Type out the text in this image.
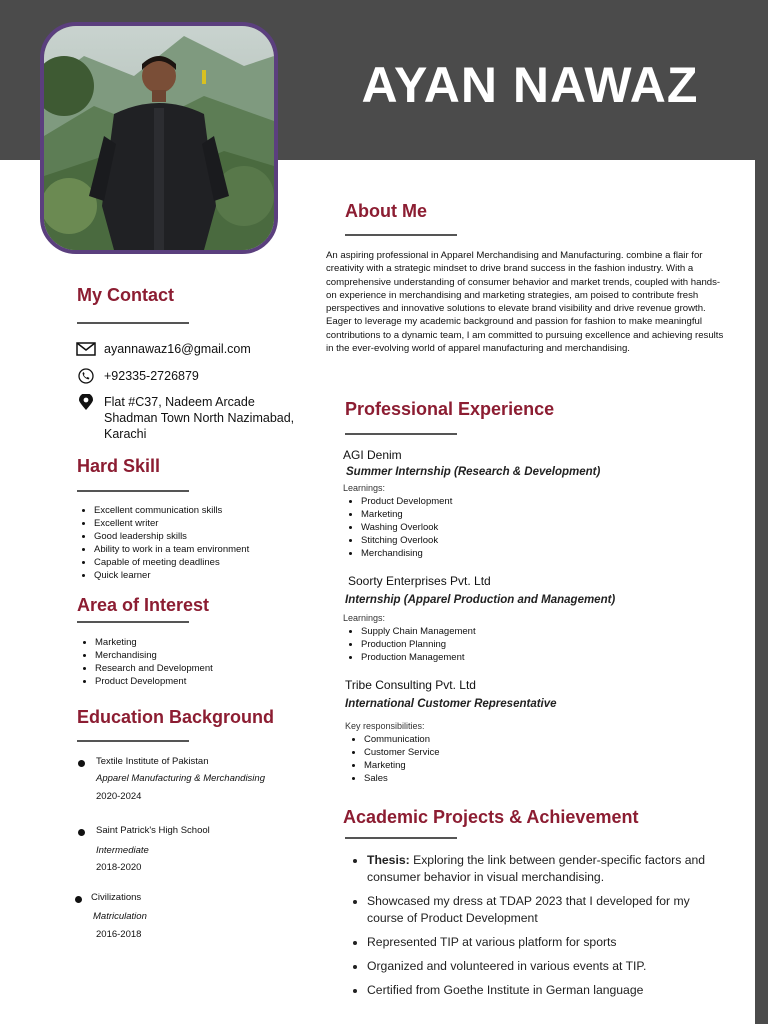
AYAN NAWAZ
My Contact
ayannawaz16@gmail.com
+92335-2726879
Flat #C37, Nadeem Arcade
Shadman Town North Nazimabad,
Karachi
Hard Skill
• Excellent communication skills
• Excellent writer
• Good leadership skills
• Ability to work in a team environment
• Capable of meeting deadlines
• Quick learner
Area of Interest
• Marketing
• Merchandising
• Research and Development
• Product Development
Education Background
Textile Institute of Pakistan
Apparel Manufacturing & Merchandising
2020-2024
Saint Patrick's High School
Intermediate
2018-2020
Civilizations
Matriculation
2016-2018
About Me
An aspiring professional in Apparel Merchandising and Manufacturing. combine a flair for creativity with a strategic mindset to drive brand success in the fashion industry. With a comprehensive understanding of consumer behavior and market trends, coupled with hands-on experience in merchandising and marketing strategies, am poised to contribute fresh perspectives and innovative solutions to elevate brand visibility and drive revenue growth. Eager to leverage my academic background and passion for fashion to make meaningful contributions to a dynamic team, I am committed to pursuing excellence and achieving results in the ever-evolving world of apparel manufacturing and merchandising.
Professional Experience
AGI Denim
Summer Internship (Research & Development)
Learnings:
• Product Development
• Marketing
• Washing Overlook
• Stitching Overlook
• Merchandising
Soorty Enterprises Pvt. Ltd
Internship (Apparel Production and Management)
Learnings:
• Supply Chain Management
• Production Planning
• Production Management
Tribe Consulting Pvt. Ltd
International Customer Representative
Key responsibilities:
• Communication
• Customer Service
• Marketing
• Sales
Academic Projects & Achievement
• Thesis: Exploring the link between gender-specific factors and consumer behavior in visual merchandising.
• Showcased my dress at TDAP 2023 that I developed for my course of Product Development
• Represented TIP at various platform for sports
• Organized and volunteered in various events at TIP.
• Certified from Goethe Institute in German language
